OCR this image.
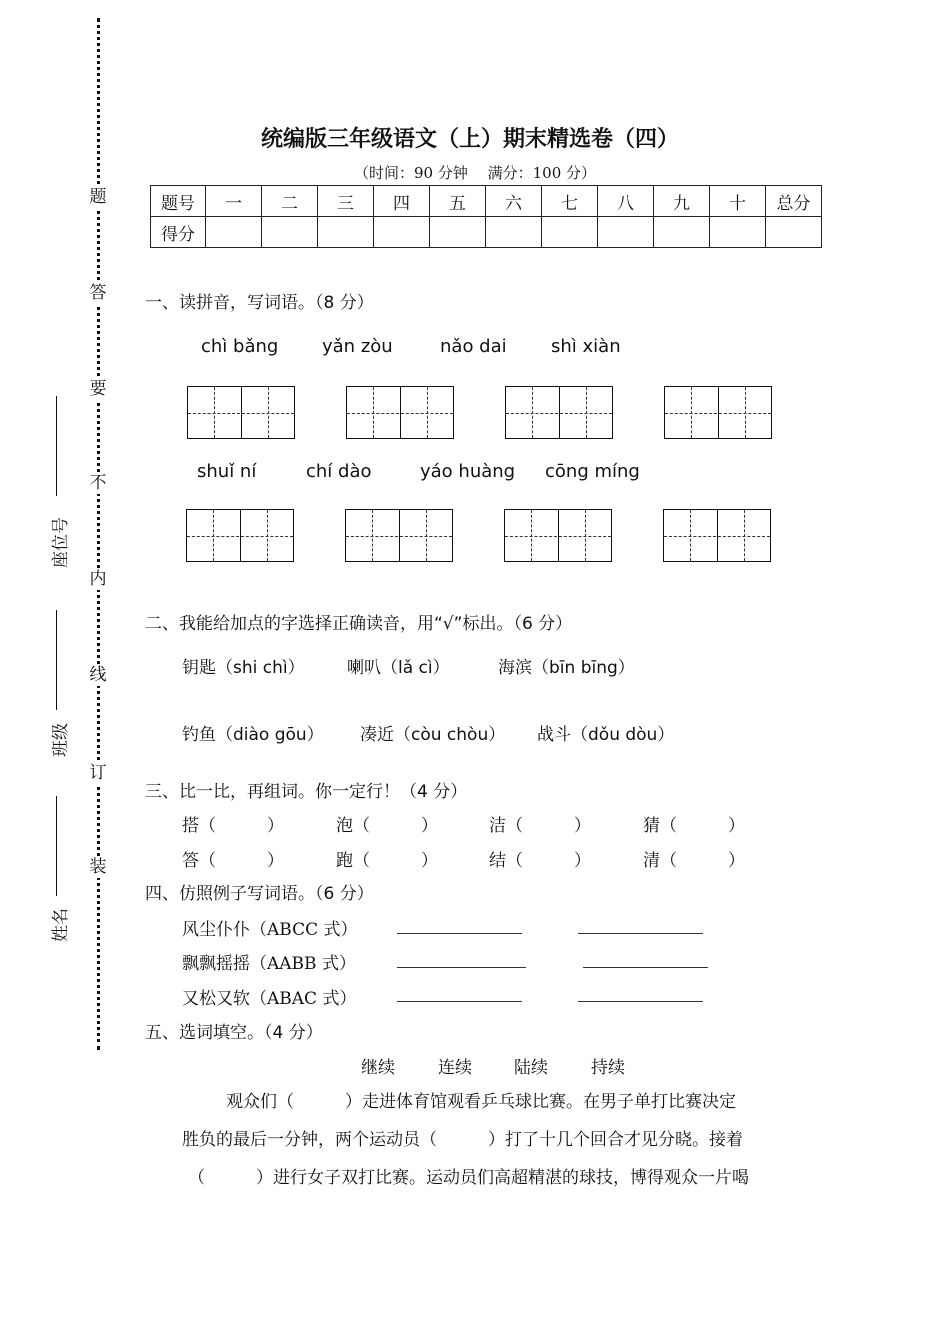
题
答
要
不
内
线
订
装
座位号
班级
姓名
统编版三年级语文（上）期末精选卷（四）
（时间：90 分钟　 满分：100 分）
题号	一	二	三	四	五	六	七	八	九	十	总分
得分											
一、读拼音，写词语。（8 分）
chì bǎng yǎn zòu	nǎo dai shì xiàn
shuǐ ní	chí dào	yáo huàng cōng míng
二、我能给加点的字选择正确读音，用“√”标出。（6 分）
钥匙（shi chì） 喇叭（lǎ cì）	海滨（bīn bīng）
钓鱼（diào gōu） 凑近（còu chòu） 战斗（dǒu dòu）
三、比一比，再组词。你一定行！（4 分）
搭（　　　）	泡（　　　）	洁（　　　）	猜（　　　）
答（　　　）	跑（　　　）	结（　　　）	清（　　　）
四、仿照例子写词语。（6 分）
风尘仆仆（ABCC 式）
飘飘摇摇（AABB 式）
又松又软（ABAC 式）
五、选词填空。（4 分）
继续	连续 陆续	持续
观众们（　　　）走进体育馆观看乒乓球比赛。在男子单打比赛决定
胜负的最后一分钟，两个运动员（　　　）打了十几个回合才见分晓。接着
（　　　）进行女子双打比赛。运动员们高超精湛的球技，博得观众一片喝
